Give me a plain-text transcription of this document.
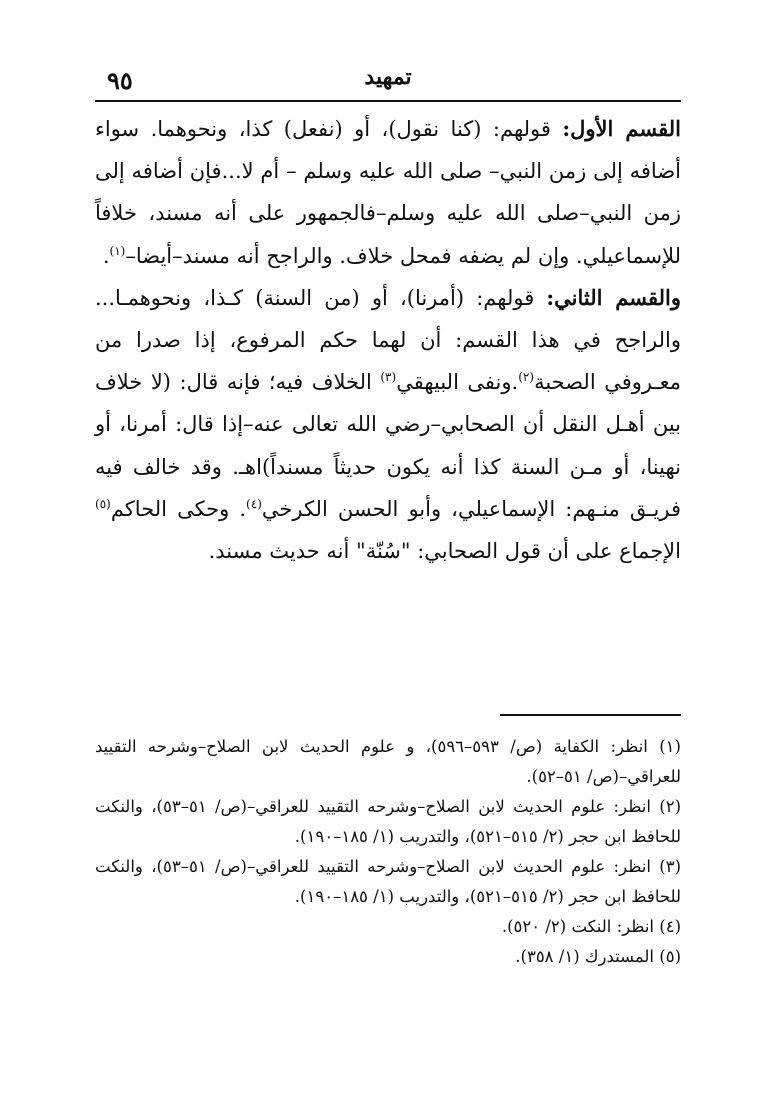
٩٥	تمهيد

القسم الأول: قولهم: (كنا نقول)، أو (نفعل) كذا، ونحوهما. سواء أضافه إلى زمن النبي– صلى الله عليه وسلم – أم لا...فإن أضافه إلى زمن النبي–صلى الله عليه وسلم–فالجمهور على أنه مسند، خلافاً للإسماعيلي. وإن لم يضفه فمحل خلاف. والراجح أنه مسند–أيضا–$^{(١)}$.

والقسم الثاني: قولهم: (أمرنا)، أو (من السنة) كـذا، ونحوهمـا... والراجح في هذا القسم: أن لهما حكم المرفوع، إذا صدرا من معـروفي الصحبة$^{(٢)}$.ونفى البيهقي$^{(٣)}$ الخلاف فيه؛ فإنه قال: (لا خلاف بين أهـل النقل أن الصحابي–رضي الله تعالى عنه–إذا قال: أمرنا، أو نهينا، أو مـن السنة كذا أنه يكون حديثاً مسنداً)اهـ. وقد خالف فيه فريـق منـهم: الإسماعيلي، وأبو الحسن الكرخي$^{(٤)}$. وحكى الحاكم$^{(٥)}$ الإجماع على أن قول الصحابي: "سُنّة" أنه حديث مسند.

(١) انظر: الكفاية (ص/ ٥٩٣–٥٩٦)، و علوم الحديث لابن الصلاح–وشرحه التقييد للعراقي–(ص/ ٥١–٥٢).

(٢) انظر: علوم الحديث لابن الصلاح–وشرحه التقييد للعراقي–(ص/ ٥١–٥٣)، والنكت للحافظ ابن حجر (٢/ ٥١٥–٥٢١)، والتدريب (١/ ١٨٥–١٩٠).

(٣) انظر: علوم الحديث لابن الصلاح–وشرحه التقييد للعراقي–(ص/ ٥١–٥٣)، والنكت للحافظ ابن حجر (٢/ ٥١٥–٥٢١)، والتدريب (١/ ١٨٥–١٩٠).

(٤) انظر: النكت (٢/ ٥٢٠).

(٥) المستدرك (١/ ٣٥٨).
